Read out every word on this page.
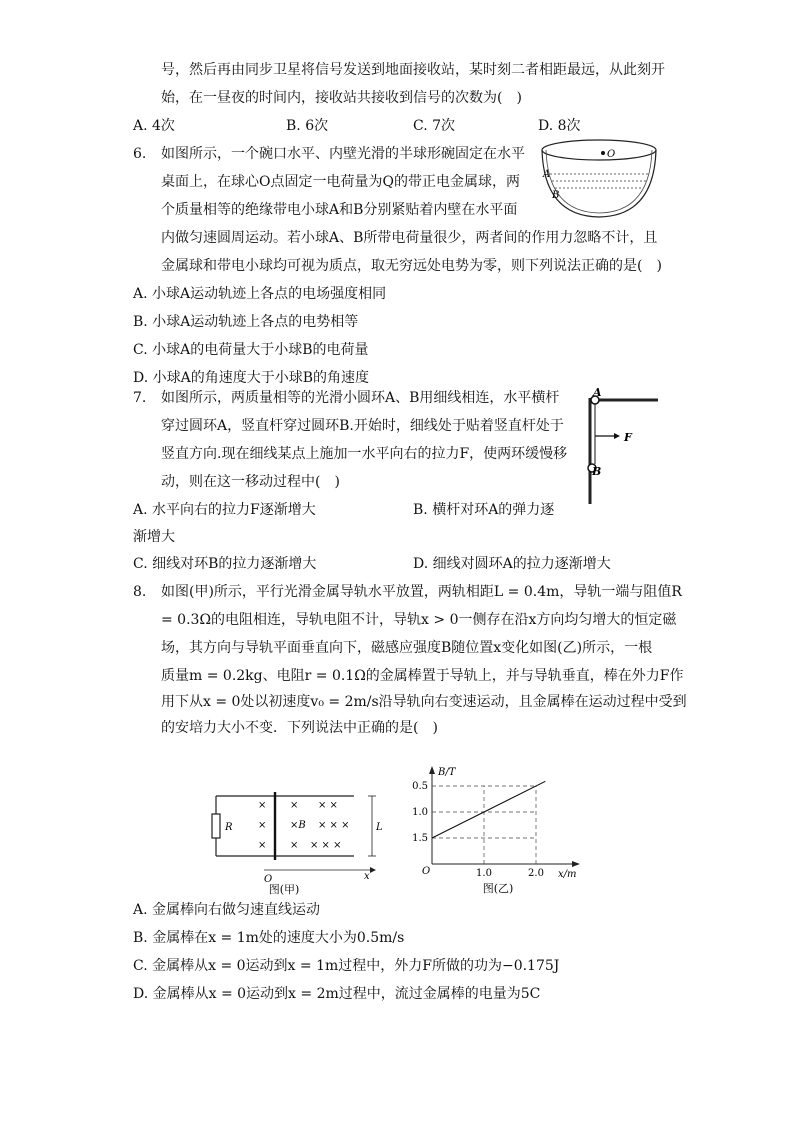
号，然后再由同步卫星将信号发送到地面接收站，某时刻二者相距最远，从此刻开
始，在一昼夜的时间内，接收站共接收到信号的次数为(　)
A. 4次	B. 6次	C. 7次	D. 8次
6. 如图所示，一个碗口水平、内壁光滑的半球形碗固定在水平
桌面上，在球心O点固定一电荷量为Q的带正电金属球，两
个质量相等的绝缘带电小球A和B分别紧贴着内壁在水平面
内做匀速圆周运动。若小球A、B所带电荷量很少，两者间的作用力忽略不计，且
金属球和带电小球均可视为质点，取无穷远处电势为零，则下列说法正确的是(　)
A. 小球A运动轨迹上各点的电场强度相同
B. 小球A运动轨迹上各点的电势相等
C. 小球A的电荷量大于小球B的电荷量
D. 小球A的角速度大于小球B的角速度
O
A
B
7. 如图所示，两质量相等的光滑小圆环A、B用细线相连，水平横杆
穿过圆环A，竖直杆穿过圆环B.开始时，细线处于贴着竖直杆处于
竖直方向.现在细线某点上施加一水平向右的拉力F，使两环缓慢移
动，则在这一移动过程中(　)
A. 水平向右的拉力F逐渐增大	B. 横杆对环A的弹力逐
渐增大
C. 细线对环B的拉力逐渐增大	D. 细线对圆环A的拉力逐渐增大
A
B
F
8. 如图(甲)所示，平行光滑金属导轨水平放置，两轨相距L = 0.4m，导轨一端与阻值R
= 0.3Ω的电阻相连，导轨电阻不计，导轨x > 0一侧存在沿x方向均匀增大的恒定磁
场，其方向与导轨平面垂直向下，磁感应强度B随位置x变化如图(乙)所示，一根
质量m = 0.2kg、电阻r = 0.1Ω的金属棒置于导轨上，并与导轨垂直，棒在外力F作
用下从x = 0处以初速度v₀ = 2m/s沿导轨向右变速运动，且金属棒在运动过程中受到
的安培力大小不变．下列说法中正确的是(　)
R
×
×
×
× × ×
×B × × ×
× × × ×
L
O	x
图(甲)
B/T
x/m
O
1.5
1.0
0.5
1.0	2.0
图(乙)
A. 金属棒向右做匀速直线运动
B. 金属棒在x = 1m处的速度大小为0.5m/s
C. 金属棒从x = 0运动到x = 1m过程中，外力F所做的功为−0.175J
D. 金属棒从x = 0运动到x = 2m过程中，流过金属棒的电量为5C
